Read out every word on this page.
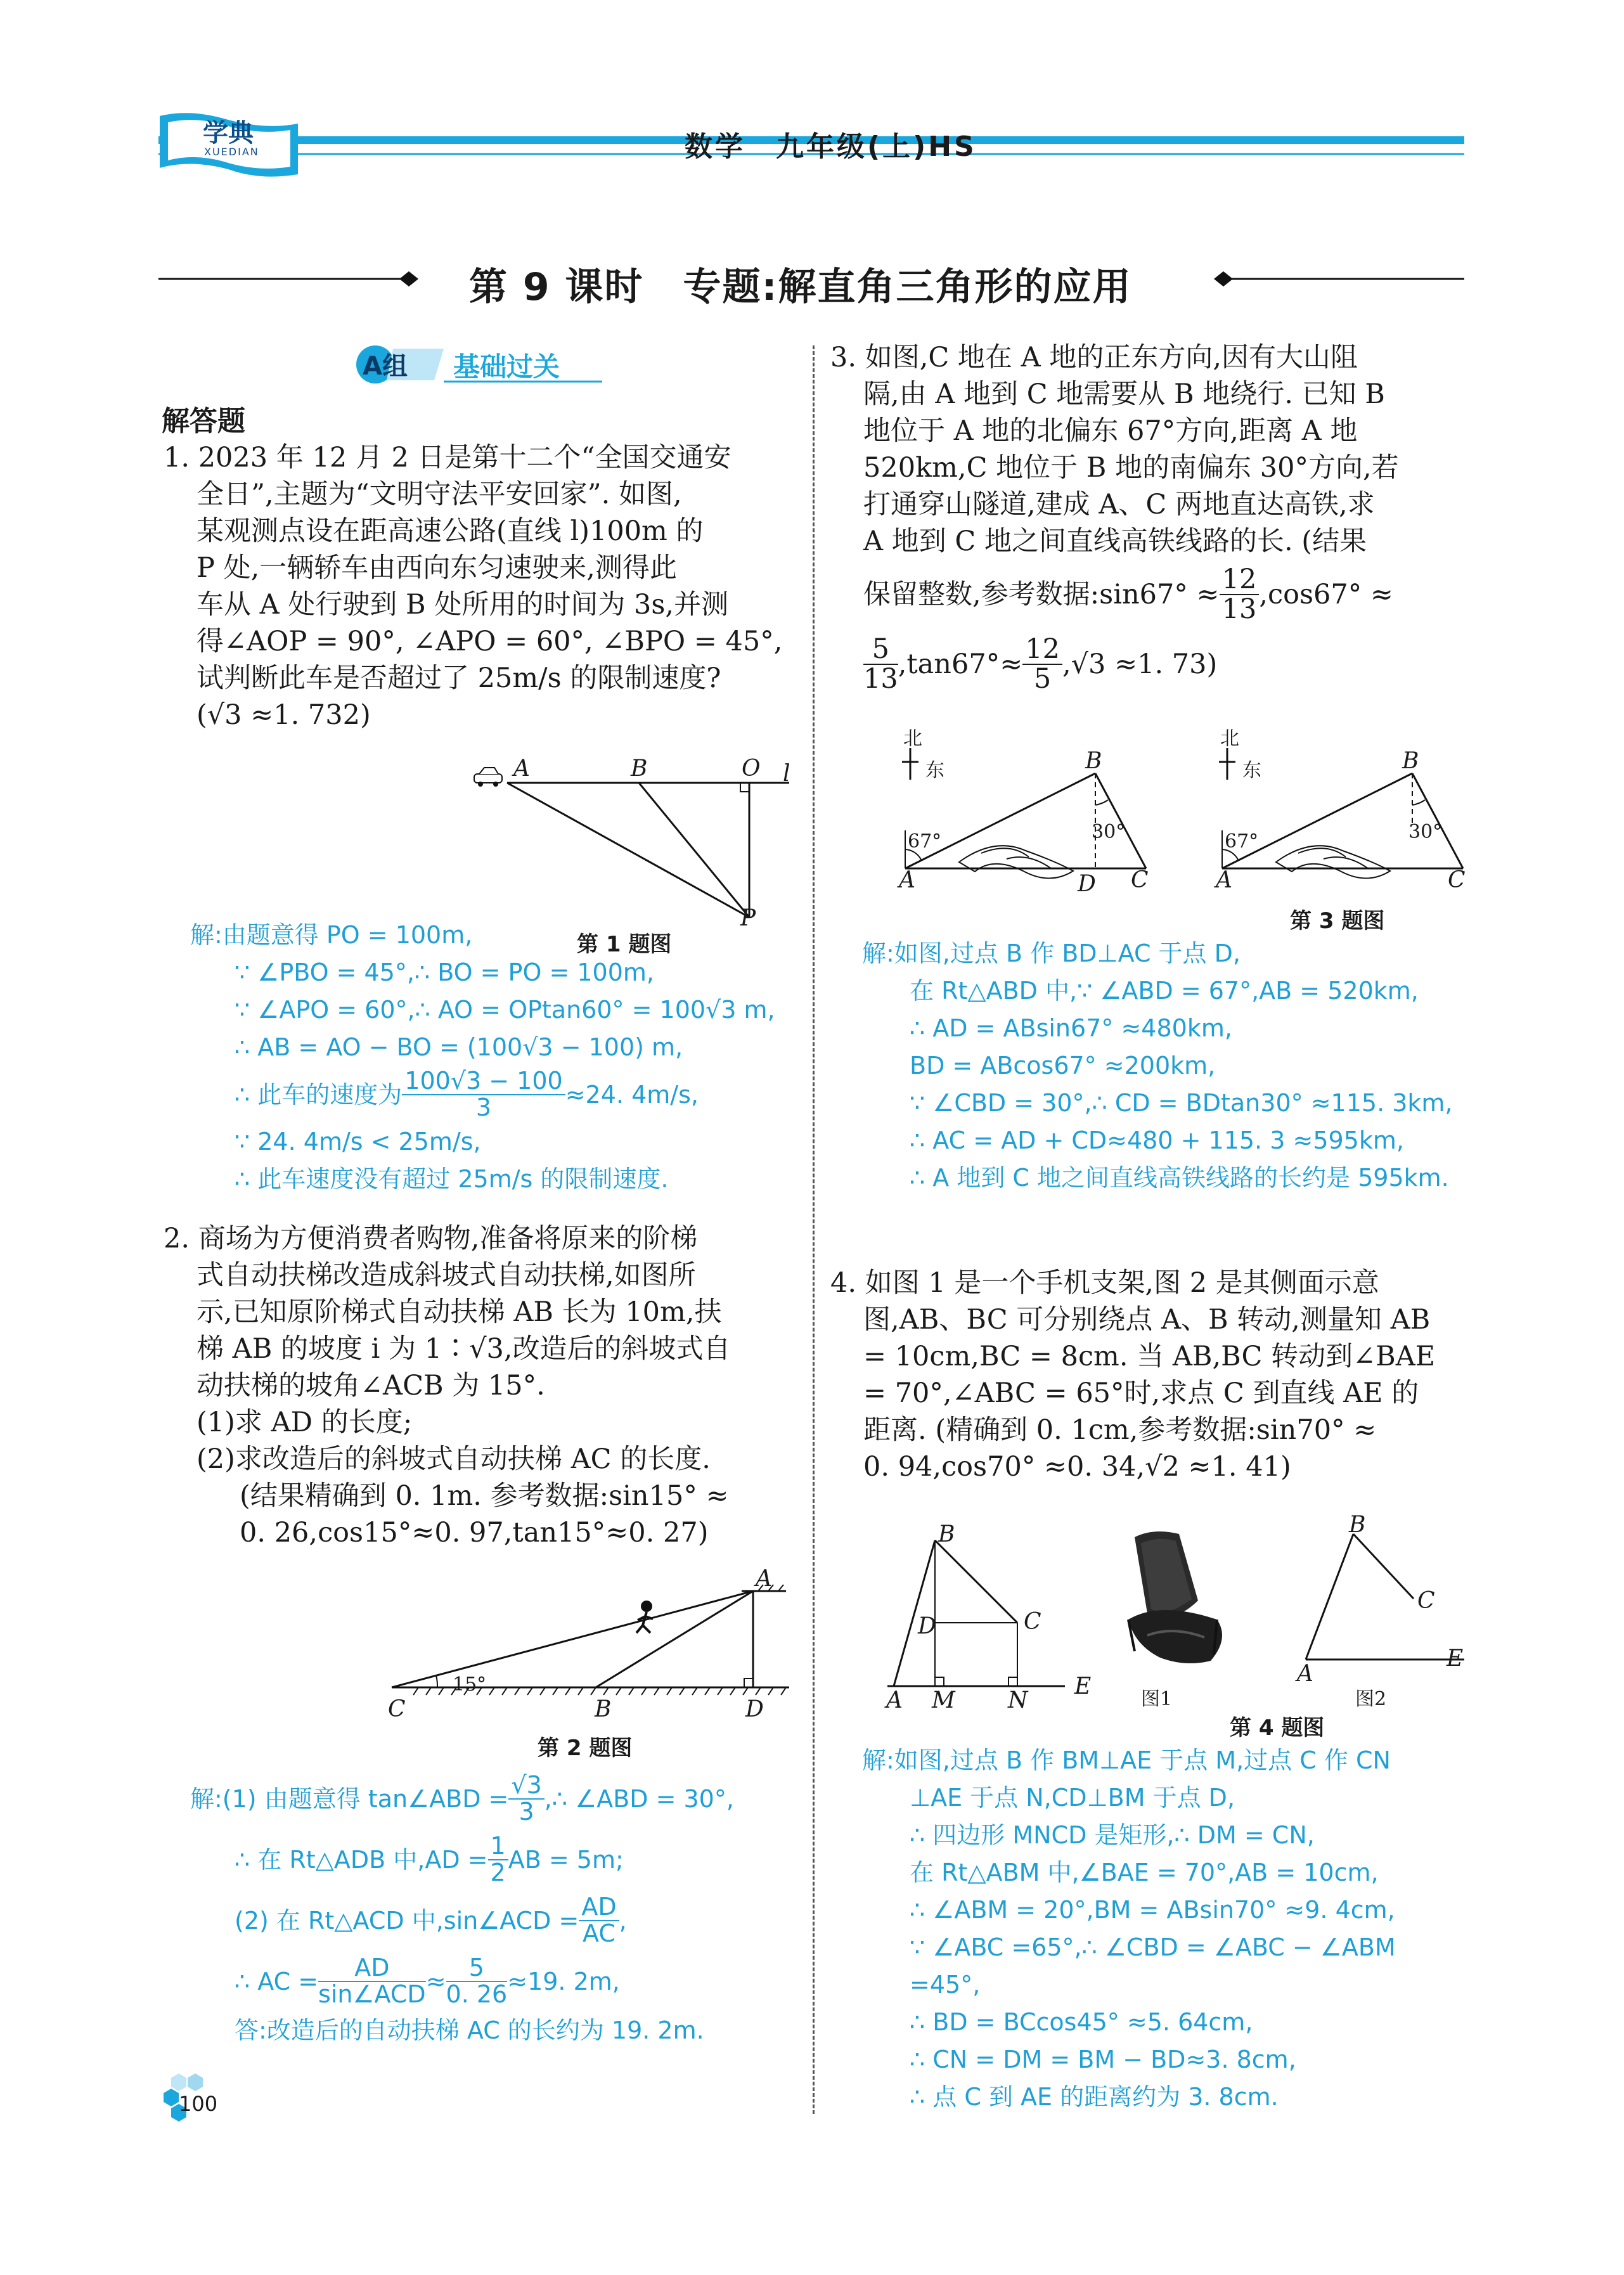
学典
XUEDIAN	数学　九年级(上)HS
第 9 课时　专题:解直角三角形的应用
A组 基础过关
解答题
1. 2023 年 12 月 2 日是第十二个“全国交通安
全日”,主题为“文明守法平安回家”. 如图,
某观测点设在距高速公路(直线 l)100m 的
P 处,一辆轿车由西向东匀速驶来,测得此
车从 A 处行驶到 B 处所用的时间为 3s,并测
得∠AOP = 90°, ∠APO = 60°, ∠BPO = 45°,
试判断此车是否超过了 25m/s 的限制速度?
(√3 ≈1. 732)
A	B	O l
P
第 1 题图
解:由题意得 PO = 100m,
∵ ∠PBO = 45°,∴ BO = PO = 100m,
∵ ∠APO = 60°,∴ AO = OPtan60° = 100√3 m,
∴ AB = AO − BO = (100√3 − 100) m,
∴ 此车的速度为 $\frac{100√3 - 100}{3} \approx 24$. 4m/s,
∵ 24. 4m/s < 25m/s,
∴ 此车速度没有超过 25m/s 的限制速度.
2. 商场为方便消费者购物,准备将原来的阶梯
式自动扶梯改造成斜坡式自动扶梯,如图所
示,已知原阶梯式自动扶梯 AB 长为 10m,扶
梯 AB 的坡度 i 为 1∶√3,改造后的斜坡式自
动扶梯的坡角∠ACB 为 15°.
(1)求 AD 的长度;
(2)求改造后的斜坡式自动扶梯 AC 的长度.
(结果精确到 0. 1m. 参考数据:sin15° ≈
0. 26,cos15°≈0. 97,tan15°≈0. 27)
A
B
C	D
15°
第 2 题图
解:(1) 由题意得 tan∠ABD = $\frac{√3}{3}$ ,∴ ∠ABD = 30°,
∴ 在 Rt△ADB 中$,AD = \frac{1}{2}$ AB = 5m;
(2) 在 Rt△ACD 中,sin∠ACD = $\frac{AD}{AC}$ ,
∴ AC = $\frac{AD}{\text{sin∠ACD}} \approx \frac{5}{0. 26} \approx 19$. 2m,
答:改造后的自动扶梯 AC 的长约为 19. 2m.
3. 如图,C 地在 A 地的正东方向,因有大山阻
隔,由 A 地到 C 地需要从 B 地绕行. 已知 B
地位于 A 地的北偏东 67°方向,距离 A 地
520km,C 地位于 B 地的南偏东 30°方向,若
打通穿山隧道,建成 A、C 两地直达高铁,求
A 地到 C 地之间直线高铁线路的长. (结果
保留整数,参考数据:sin67° ≈ $\frac{12}{13} ,\cos 67^\circ$ ≈
$\frac{5}{13} ,\tan 67^\circ\approx \frac{12}{5} ,√3 \approx 1$. 73)
北
东
A
B
C
D
67°	30°
北
东
A
B
C
67°	30°
第 3 题图
解:如图,过点 B 作 BD⊥AC 于点 D,
在 Rt△ABD 中,∵ ∠ABD = 67°,AB = 520km,
∴ AD = ABsin67° ≈480km,
BD = ABcos67° ≈200km,
∵ ∠CBD = 30°,∴ CD = BDtan30° ≈115. 3km,
∴ AC = AD + CD≈480 + 115. 3 ≈595km,
∴ A 地到 C 地之间直线高铁线路的长约是 595km.
4. 如图 1 是一个手机支架,图 2 是其侧面示意
图,AB、BC 可分别绕点 A、B 转动,测量知 AB
= 10cm,BC = 8cm. 当 AB,BC 转动到∠BAE
= 70°,∠ABC = 65°时,求点 C 到直线 AE 的
距离. (精确到 0. 1cm,参考数据:sin70° ≈
0. 94,cos70° ≈0. 34,√2 ≈1. 41)
B
C
D
A M N
E	图1
B
C
A
E
图2
第 4 题图
解:如图,过点 B 作 BM⊥AE 于点 M,过点 C 作 CN
⊥AE 于点 N,CD⊥BM 于点 D,
∴ 四边形 MNCD 是矩形,∴ DM = CN,
在 Rt△ABM 中,∠BAE = 70°,AB = 10cm,
∴ ∠ABM = 20°,BM = ABsin70° ≈9. 4cm,
∵ ∠ABC =65°,∴ ∠CBD = ∠ABC − ∠ABM =45°,
∴ BD = BCcos45° ≈5. 64cm,
∴ CN = DM = BM − BD≈3. 8cm,
∴ 点 C 到 AE 的距离约为 3. 8cm.
100
